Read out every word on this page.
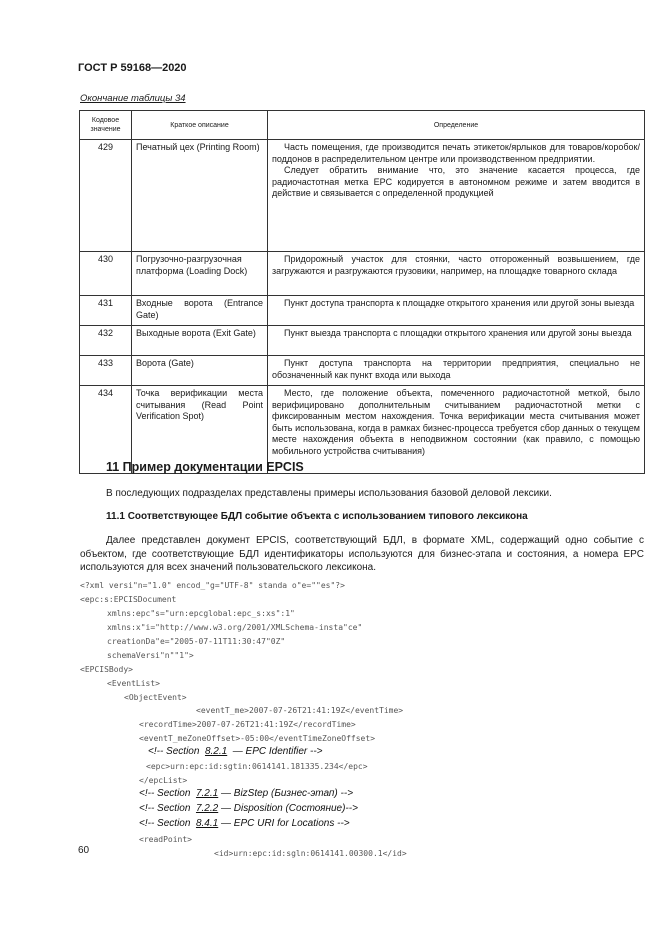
ГОСТ Р 59168—2020
Окончание таблицы 34
Кодовое значение	Краткое описание	Определение
429	Печатный цех (Printing Room)	Часть помещения, где производится печать этикеток/ярлыков для товаров/коробок/поддонов в распределительном центре или производственном предприятии.

Следует обратить внимание что, это значение касается процесса, где радиочастотная метка EPC кодируется в автономном режиме и затем вводится в действие и связывается с определенной продукцией

430	Погрузочно-разгрузочная платформа (Loading Dock)	Придорожный участок для стоянки, часто отгороженный возвышением, где загружаются и разгружаются грузовики, например, на площадке товарного склада

431	Входные ворота (Entrance Gate)	Пункт доступа транспорта к площадке открытого хранения или другой зоны выезда

432	Выходные ворота (Exit Gate)	Пункт выезда транспорта с площадки открытого хранения или другой зоны выезда

433	Ворота (Gate)	Пункт доступа транспорта на территории предприятия, специально не обозначенный как пункт входа или выхода

434	Точка верификации места считывания (Read Point Verification Spot)	Место, где положение объекта, помеченного радиочастотной меткой, было верифицировано дополнительным считыванием радиочастотной метки с фиксированным местом нахождения. Точка верификации места считывания может быть использована, когда в рамках бизнес-процесса требуется сбор данных о текущем месте нахождения объекта в неподвижном состоянии (как правило, с помощью мобильного устройства считывания)

11 Пример документации EPCIS
В последующих подразделах представлены примеры использования базовой деловой лексики.
11.1 Соответствующее БДЛ событие объекта с использованием типового лексикона
Далее представлен документ EPCIS, соответствующий БДЛ, в формате XML, содержащий одно событие с объектом, где соответствующие БДЛ идентификаторы используются для бизнес-этапа и состояния, а номера EPC используются для всех значений пользовательского лексикона.
<?xml versi"n="1.0" encod_"g="UTF-8" standa o"e=""es"?>
<epc:s:EPCISDocument
xmlns:epc"s="urn:epcglobal:epc_s:xs":1"
xmlns:x"i="http://www.w3.org/2001/XMLSchema-insta"ce"
creationDa"e="2005-07-11T11:30:47"0Z"
schemaVersi"n""1">
<EPCISBody>
<EventList>
<ObjectEvent>
<eventT_me>2007-07-26T21:41:19Z</eventTime>
<recordTime>2007-07-26T21:41:19Z</recordTime>
<eventT_meZoneOffset>-05:00</eventTimeZoneOffset>
<!-- Section  8.2.1  — EPC Identifier -->
<epc>urn:epc:id:sgtin:0614141.181335.234</epc>
</epcList>
<!-- Section  7.2.1 — BizStep (Бизнес-этап) -->
<!-- Section  7.2.2 — Disposition (Состояние)-->
<!-- Section  8.4.1 — EPC URI for Locations -->
<readPoint>
<id>urn:epc:id:sgln:0614141.00300.1</id>
60
